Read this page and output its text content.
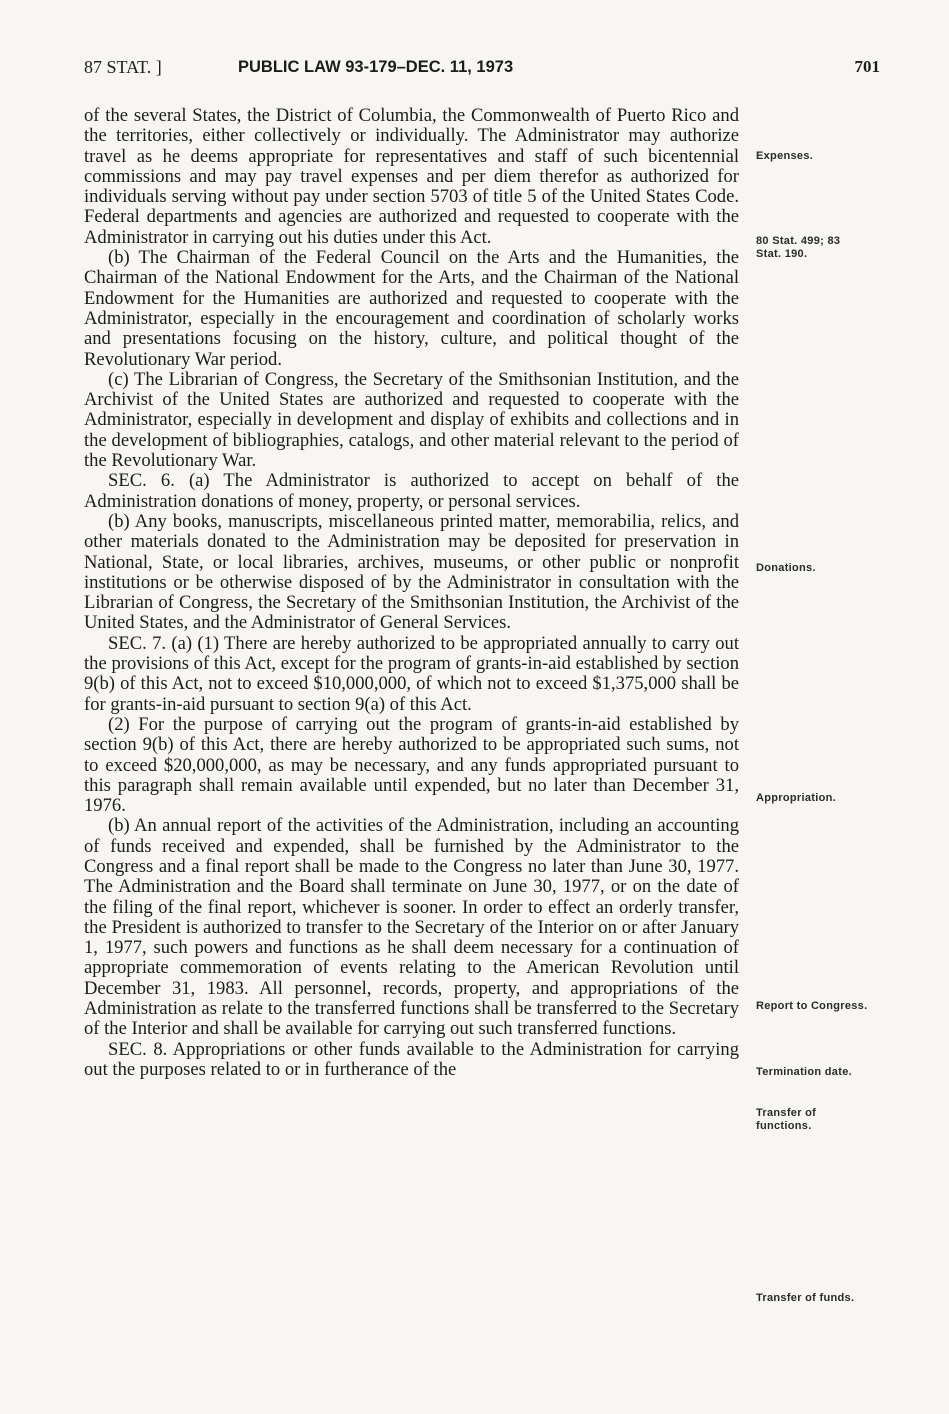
87 STAT. ]	PUBLIC LAW 93-179–DEC. 11, 1973	701

of the several States, the District of Columbia, the Commonwealth of Puerto Rico and the territories, either collectively or individually. The Administrator may authorize travel as he deems appropriate for representatives and staff of such bicentennial commissions and may pay travel expenses and per diem therefor as authorized for individuals serving without pay under section 5703 of title 5 of the United States Code. Federal departments and agencies are authorized and requested to cooperate with the Administrator in carrying out his duties under this Act.

(b) The Chairman of the Federal Council on the Arts and the Humanities, the Chairman of the National Endowment for the Arts, and the Chairman of the National Endowment for the Humanities are authorized and requested to cooperate with the Administrator, especially in the encouragement and coordination of scholarly works and presentations focusing on the history, culture, and political thought of the Revolutionary War period.

(c) The Librarian of Congress, the Secretary of the Smithsonian Institution, and the Archivist of the United States are authorized and requested to cooperate with the Administrator, especially in development and display of exhibits and collections and in the development of bibliographies, catalogs, and other material relevant to the period of the Revolutionary War.

SEC. 6. (a) The Administrator is authorized to accept on behalf of the Administration donations of money, property, or personal services.

(b) Any books, manuscripts, miscellaneous printed matter, memorabilia, relics, and other materials donated to the Administration may be deposited for preservation in National, State, or local libraries, archives, museums, or other public or nonprofit institutions or be otherwise disposed of by the Administrator in consultation with the Librarian of Congress, the Secretary of the Smithsonian Institution, the Archivist of the United States, and the Administrator of General Services.

SEC. 7. (a) (1) There are hereby authorized to be appropriated annually to carry out the provisions of this Act, except for the program of grants-in-aid established by section 9(b) of this Act, not to exceed $10,000,000, of which not to exceed $1,375,000 shall be for grants-in-aid pursuant to section 9(a) of this Act.

(2) For the purpose of carrying out the program of grants-in-aid established by section 9(b) of this Act, there are hereby authorized to be appropriated such sums, not to exceed $20,000,000, as may be necessary, and any funds appropriated pursuant to this paragraph shall remain available until expended, but no later than December 31, 1976.

(b) An annual report of the activities of the Administration, including an accounting of funds received and expended, shall be furnished by the Administrator to the Congress and a final report shall be made to the Congress no later than June 30, 1977. The Administration and the Board shall terminate on June 30, 1977, or on the date of the filing of the final report, whichever is sooner. In order to effect an orderly transfer, the President is authorized to transfer to the Secretary of the Interior on or after January 1, 1977, such powers and functions as he shall deem necessary for a continuation of appropriate commemoration of events relating to the American Revolution until December 31, 1983. All personnel, records, property, and appropriations of the Administration as relate to the transferred functions shall be transferred to the Secretary of the Interior and shall be available for carrying out such transferred functions.

SEC. 8. Appropriations or other funds available to the Administration for carrying out the purposes related to or in furtherance of the

Expenses.
80 Stat. 499; 83 Stat. 190.
Donations.
Appropriation.
Report to Congress.
Termination date.
Transfer of functions.
Transfer of funds.
